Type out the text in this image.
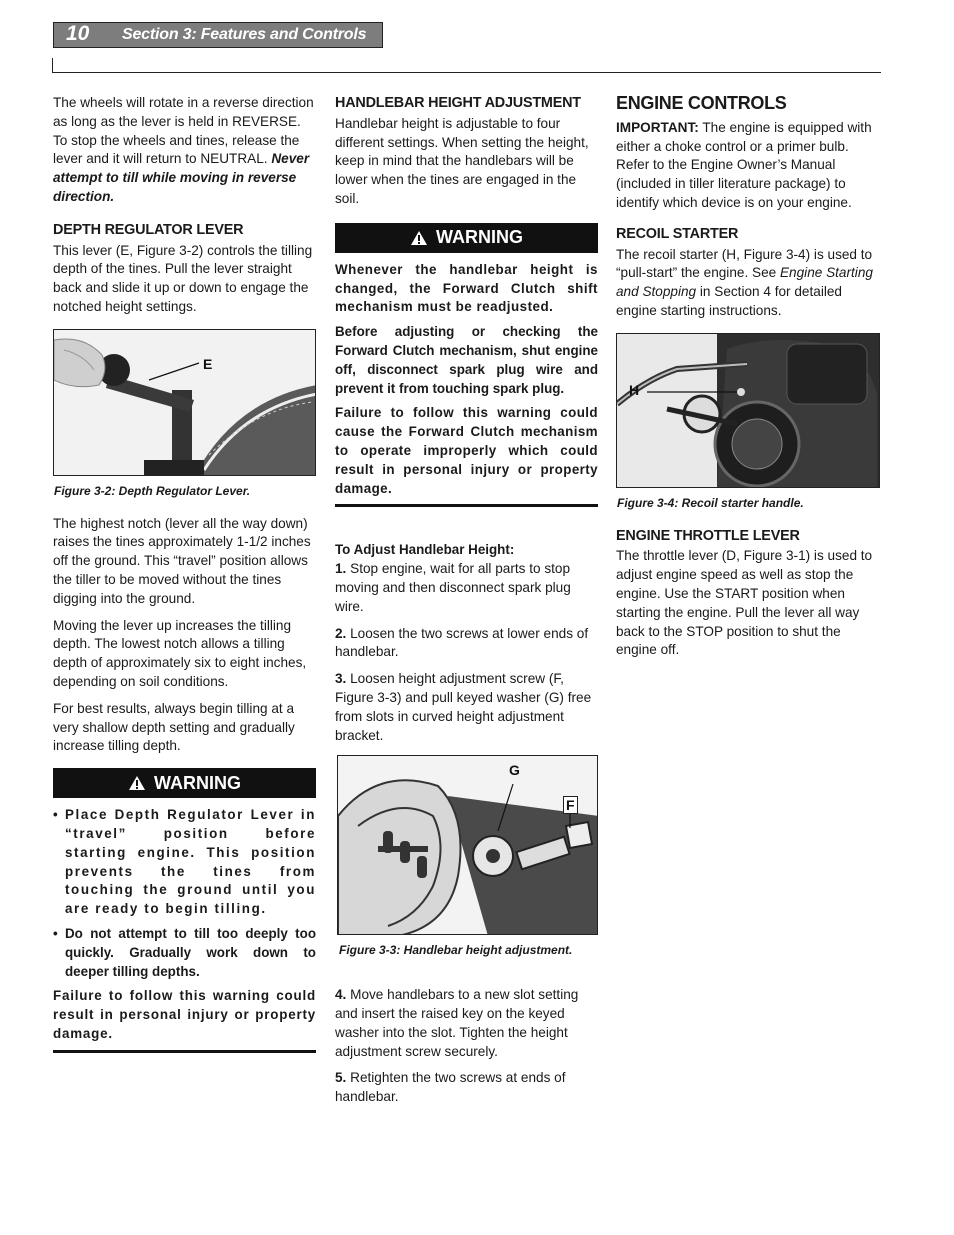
10 Section 3: Features and Controls

The wheels will rotate in a reverse direction as long as the lever is held in REVERSE. To stop the wheels and tines, release the lever and it will return to NEUTRAL. Never attempt to till while moving in reverse direction.

DEPTH REGULATOR LEVER

This lever (E, Figure 3-2) controls the tilling depth of the tines. Pull the lever straight back and slide it up or down to engage the notched height settings.

E
Figure 3-2: Depth Regulator Lever.

The highest notch (lever all the way down) raises the tines approximately 1-1/2 inches off the ground. This “travel” position allows the tiller to be moved without the tines digging into the ground.

Moving the lever up increases the tilling depth. The lowest notch allows a tilling depth of approximately six to eight inches, depending on soil conditions.

For best results, always begin tilling at a very shallow depth setting and gradually increase tilling depth.

WARNING
• Place Depth Regulator Lever in “travel” position before starting engine. This position prevents the tines from touching the ground until you are ready to begin tilling.
• Do not attempt to till too deeply too quickly. Gradually work down to deeper tilling depths.

Failure to follow this warning could result in personal injury or property damage.

HANDLEBAR HEIGHT ADJUSTMENT

Handlebar height is adjustable to four different settings. When setting the height, keep in mind that the handlebars will be lower when the tines are engaged in the soil.

WARNING

Whenever the handlebar height is changed, the Forward Clutch shift mechanism must be readjusted.

Before adjusting or checking the Forward Clutch mechanism, shut engine off, disconnect spark plug wire and prevent it from touching spark plug.

Failure to follow this warning could cause the Forward Clutch mechanism to operate improperly which could result in personal injury or property damage.

To Adjust Handlebar Height:

1. Stop engine, wait for all parts to stop moving and then disconnect spark plug wire.

2. Loosen the two screws at lower ends of handlebar.

3. Loosen height adjustment screw (F, Figure 3-3) and pull keyed washer (G) free from slots in curved height adjustment bracket.

G
F
Figure 3-3: Handlebar height adjustment.

4. Move handlebars to a new slot setting and insert the raised key on the keyed washer into the slot. Tighten the height adjustment screw securely.

5. Retighten the two screws at ends of handlebar.

ENGINE CONTROLS

IMPORTANT: The engine is equipped with either a choke control or a primer bulb. Refer to the Engine Owner’s Manual (included in tiller literature package) to identify which device is on your engine.

RECOIL STARTER

The recoil starter (H, Figure 3-4) is used to “pull-start” the engine. See Engine Starting and Stopping in Section 4 for detailed engine starting instructions.

H
Figure 3-4: Recoil starter handle.
ENGINE THROTTLE LEVER

The throttle lever (D, Figure 3-1) is used to adjust engine speed as well as stop the engine. Use the START position when starting the engine. Pull the lever all way back to the STOP position to shut the engine off.
